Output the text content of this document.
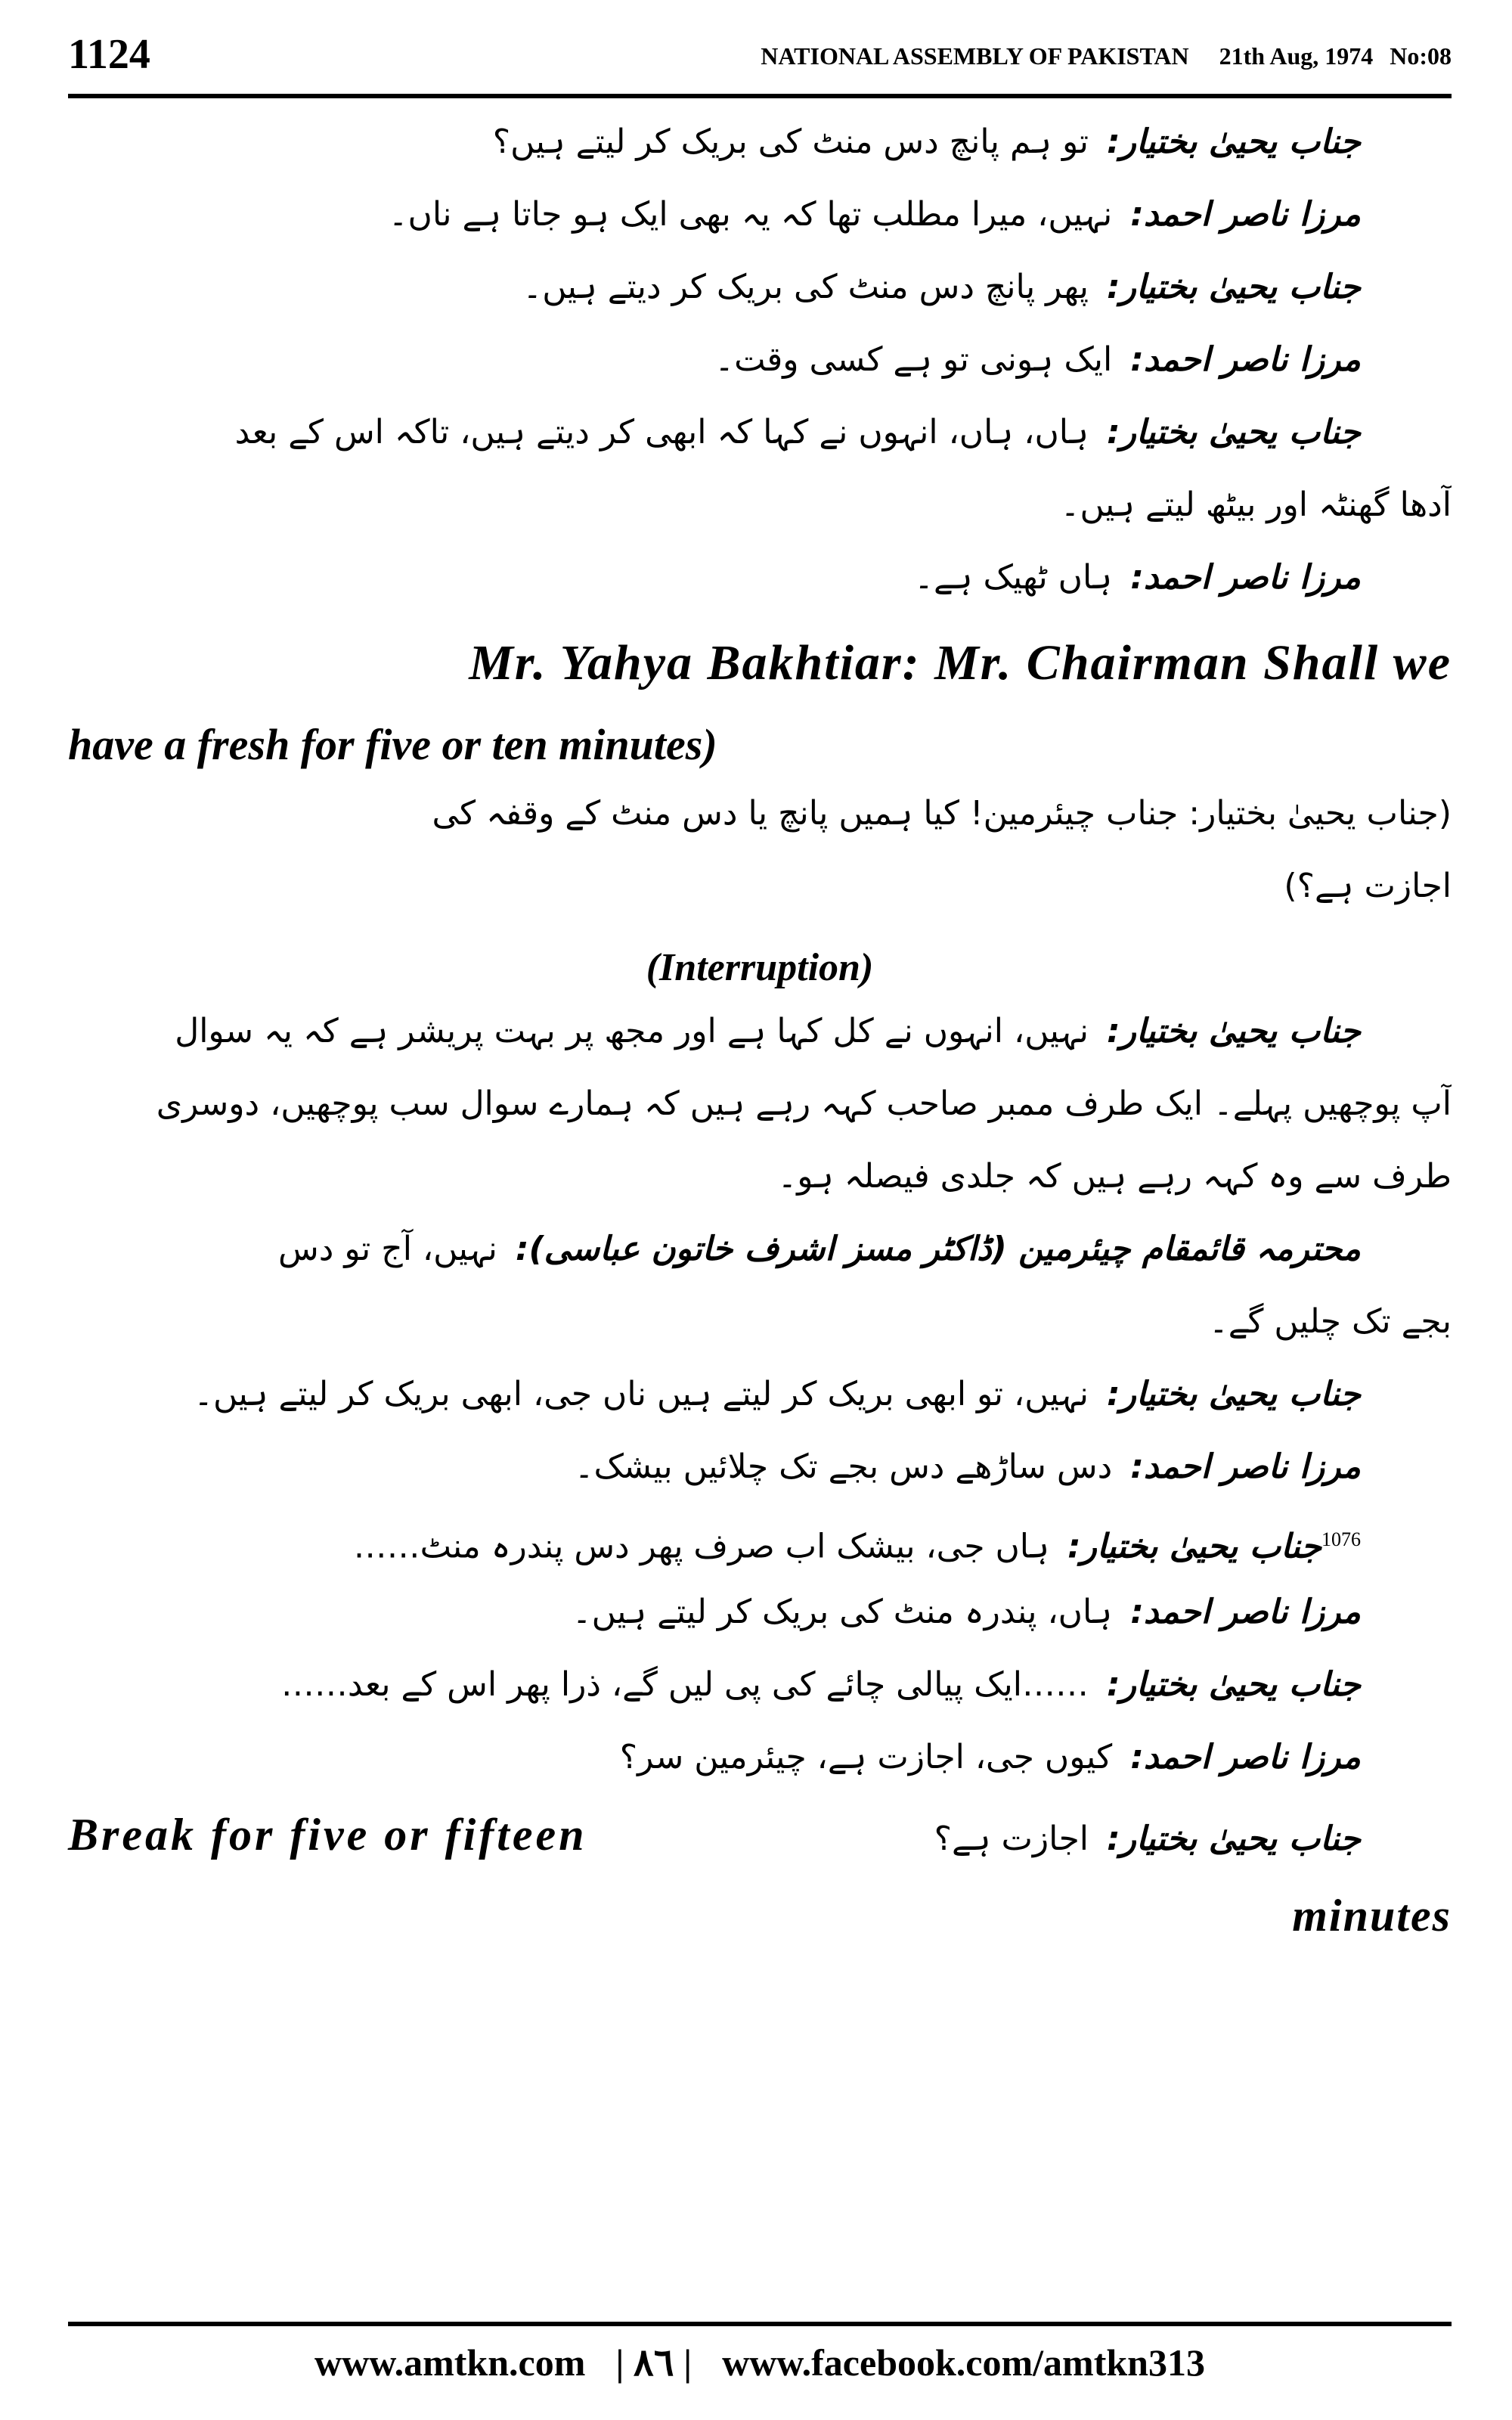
1124	NATIONAL ASSEMBLY OF PAKISTAN 21th Aug, 1974 No:08
جناب یحییٰ بختیار: تو ہم پانچ دس منٹ کی بریک کر لیتے ہیں؟
مرزا ناصر احمد: نہیں، میرا مطلب تھا کہ یہ بھی ایک ہو جاتا ہے ناں۔
جناب یحییٰ بختیار: پھر پانچ دس منٹ کی بریک کر دیتے ہیں۔
مرزا ناصر احمد: ایک ہونی تو ہے کسی وقت۔
جناب یحییٰ بختیار: ہاں، ہاں، انہوں نے کہا کہ ابھی کر دیتے ہیں، تاکہ اس کے بعد
آدھا گھنٹہ اور بیٹھ لیتے ہیں۔
مرزا ناصر احمد: ہاں ٹھیک ہے۔
Mr. Yahya Bakhtiar: Mr. Chairman Shall we
have a fresh for five or ten minutes)
(جناب یحییٰ بختیار: جناب چیئرمین! کیا ہمیں پانچ یا دس منٹ کے وقفہ کی
اجازت ہے؟)
(Interruption)
جناب یحییٰ بختیار: نہیں، انہوں نے کل کہا ہے اور مجھ پر بہت پریشر ہے کہ یہ سوال
آپ پوچھیں پہلے۔ ایک طرف ممبر صاحب کہہ رہے ہیں کہ ہمارے سوال سب پوچھیں، دوسری
طرف سے وہ کہہ رہے ہیں کہ جلدی فیصلہ ہو۔
محترمہ قائمقام چیئرمین (ڈاکٹر مسز اشرف خاتون عباسی): نہیں، آج تو دس
بجے تک چلیں گے۔
جناب یحییٰ بختیار: نہیں، تو ابھی بریک کر لیتے ہیں ناں جی، ابھی بریک کر لیتے ہیں۔
مرزا ناصر احمد: دس ساڑھے دس بجے تک چلائیں بیشک۔
$^{1076}$جناب یحییٰ بختیار: ہاں جی، بیشک اب صرف پھر دس پندرہ منٹ……
مرزا ناصر احمد: ہاں، پندرہ منٹ کی بریک کر لیتے ہیں۔
جناب یحییٰ بختیار: ……ایک پیالی چائے کی پی لیں گے، ذرا پھر اس کے بعد……
مرزا ناصر احمد: کیوں جی، اجازت ہے، چیئرمین سر؟
Break for five or fifteen	جناب یحییٰ بختیار: اجازت ہے؟
minutes
www.amtkn.com | ۸٦ | www.facebook.com/amtkn313
